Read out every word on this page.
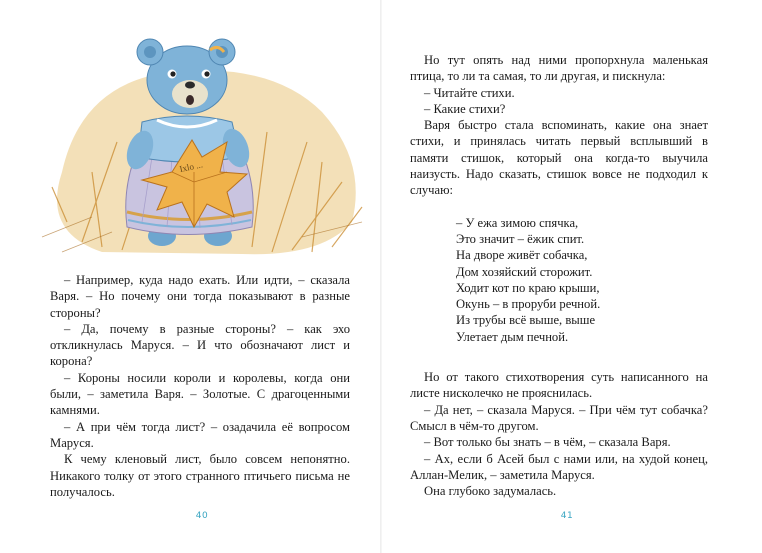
Ixlo ...

– Например, куда надо ехать. Или идти, – сказала Варя. – Но почему они тогда показывают в разные стороны?

– Да, почему в разные стороны? – как эхо откликнулась Маруся. – И что обозначают лист и корона?

– Короны носили короли и королевы, когда они были, – заметила Варя. – Золотые. С драгоценными камнями.

– А при чём тогда лист? – озадачила её вопросом Маруся.

К чему кленовый лист, было совсем непонятно. Никакого толку от этого странного птичьего письма не получалось.

40

Но тут опять над ними пропорхнула маленькая птица, то ли та самая, то ли другая, и пискнула:

– Читайте стихи.

– Какие стихи?

Варя быстро стала вспоминать, какие она знает стихи, и принялась читать первый всплывший в памяти стишок, который она когда-то выучила наизусть. Надо сказать, стишок вовсе не подходил к случаю:

– У ежа зимою спячка,
Это значит – ёжик спит.
На дворе живёт собачка,
Дом хозяйский сторожит.
Ходит кот по краю крыши,
Окунь – в проруби речной.
Из трубы всё выше, выше
Улетает дым печной.

Но от такого стихотворения суть написанного на листе нисколечко не прояснилась.

– Да нет, – сказала Маруся. – При чём тут собачка? Смысл в чём-то другом.

– Вот только бы знать – в чём, – сказала Варя.

– Ах, если б Асей был с нами или, на худой конец, Аллан-Мелик, – заметила Маруся.

Она глубоко задумалась.

41
